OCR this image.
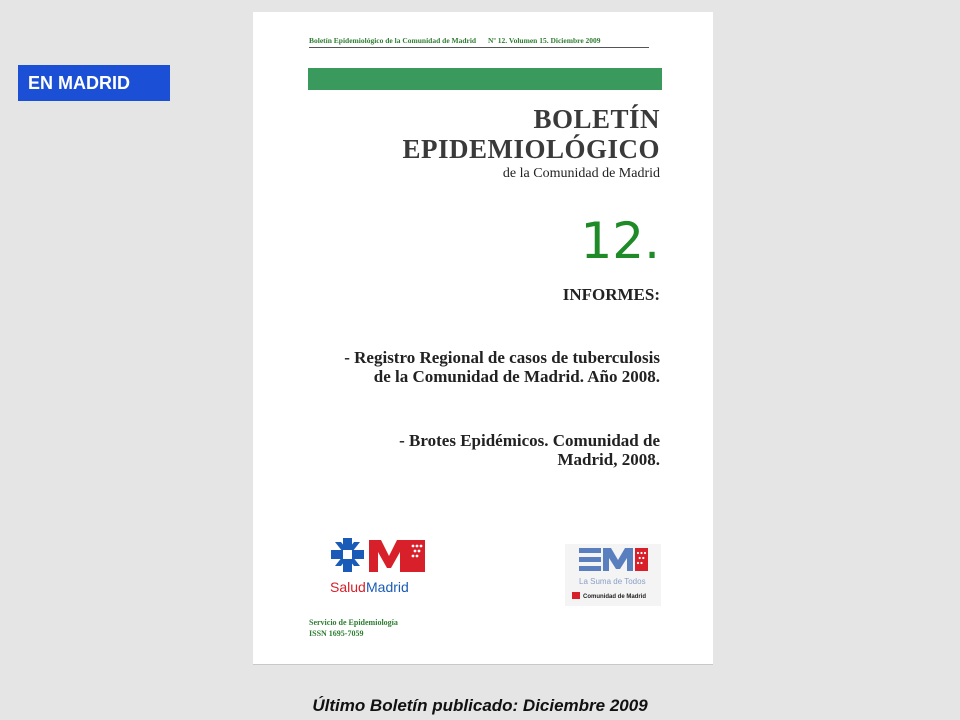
EN MADRID
Boletín Epidemiológico de la Comunidad de Madrid Nº 12. Volumen 15. Diciembre 2009
BOLETÍN
EPIDEMIOLÓGICO
de la Comunidad de Madrid
12.
INFORMES:
- Registro Regional de casos de tuberculosis
de la Comunidad de Madrid. Año 2008.
- Brotes Epidémicos. Comunidad de
Madrid, 2008.
Salud Madrid	La Suma de Todos
Comunidad de Madrid
Servicio de Epidemiología
ISSN 1695-7059
Último Boletín publicado: Diciembre 2009
